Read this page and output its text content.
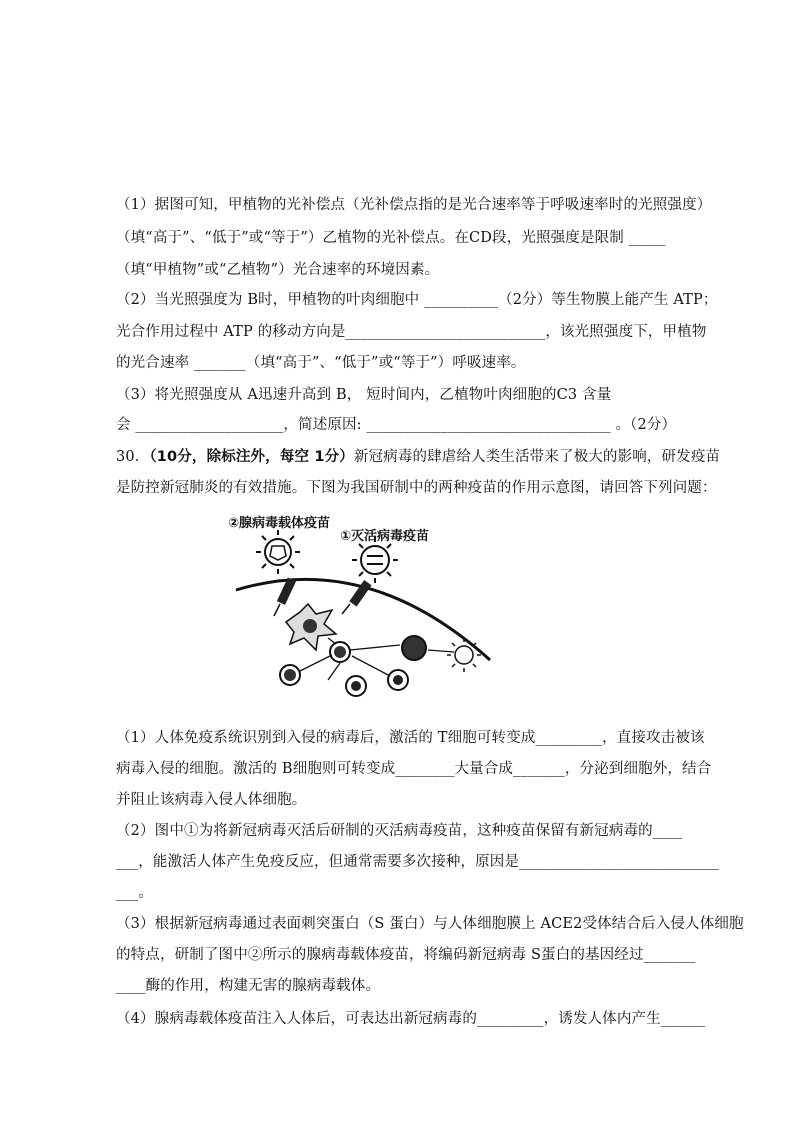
（1）据图可知，甲植物的光补偿点（光补偿点指的是光合速率等于呼吸速率时的光照强度）
（填“高于”、“低于”或“等于”）乙植物的光补偿点。在CD段，光照强度是限制 _____
（填“甲植物”或“乙植物”）光合速率的环境因素。
（2）当光照强度为 B时，甲植物的叶肉细胞中 __________（2分）等生物膜上能产生 ATP；
光合作用过程中 ATP 的移动方向是___________________________，该光照强度下，甲植物
的光合速率 _______（填“高于”、“低于”或“等于”）呼吸速率。
（3）将光照强度从 A迅速升高到 B， 短时间内，乙植物叶肉细胞的C3 含量
会 ____________________，简述原因: _________________________________ 。（2分）
30．（10分，除标注外，每空 1分）新冠病毒的肆虐给人类生活带来了极大的影响，研发疫苗
是防控新冠肺炎的有效措施。下图为我国研制中的两种疫苗的作用示意图，请回答下列问题：
②腺病毒载体疫苗
①灭活病毒疫苗
（1）人体免疫系统识别到入侵的病毒后，激活的 T细胞可转变成_________，直接攻击被该
病毒入侵的细胞。激活的 B细胞则可转变成________大量合成_______，分泌到细胞外，结合
并阻止该病毒入侵人体细胞。
（2）图中①为将新冠病毒灭活后研制的灭活病毒疫苗，这种疫苗保留有新冠病毒的____
___，能激活人体产生免疫反应，但通常需要多次接种，原因是___________________________
___。
（3）根据新冠病毒通过表面刺突蛋白（S 蛋白）与人体细胞膜上 ACE2受体结合后入侵人体细胞
的特点，研制了图中②所示的腺病毒载体疫苗，将编码新冠病毒 S蛋白的基因经过_______
____酶的作用，构建无害的腺病毒载体。
（4）腺病毒载体疫苗注入人体后，可表达出新冠病毒的_________，诱发人体内产生______
